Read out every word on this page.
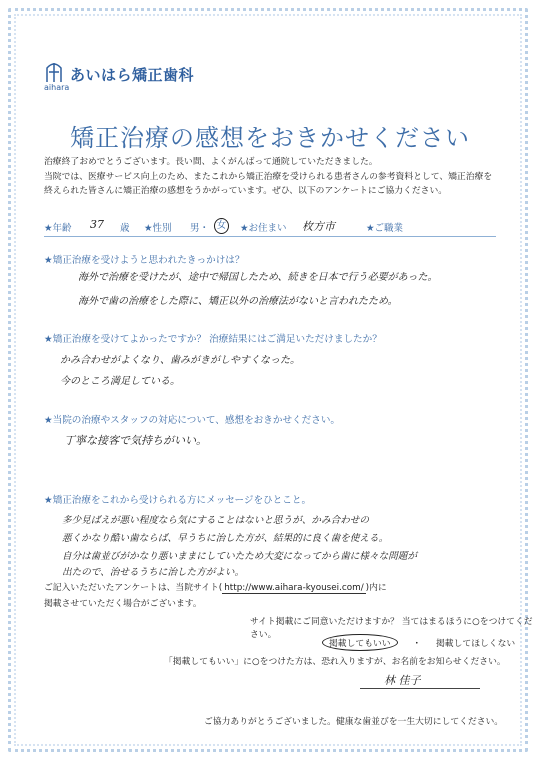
あいはら矯正歯科
aihara
矯正治療の感想をおきかせください
治療終了おめでとうございます。長い間、よくがんばって通院していただきました。
当院では、医療サービス向上のため、またこれから矯正治療を受けられる患者さんの参考資料として、矯正治療を
終えられた皆さんに矯正治療の感想をうかがっています。ぜひ、以下のアンケートにご協力ください。
★年齢 37 歳 ★性別 男・ 女 ★お住まい 枚方市	★ご職業
★矯正治療を受けようと思われたきっかけは？
海外で治療を受けたが、途中で帰国したため、続きを日本で行う必要があった。
海外で歯の治療をした際に、矯正以外の治療法がないと言われたため。
★矯正治療を受けてよかったですか？ 治療結果にはご満足いただけましたか？
かみ合わせがよくなり、歯みがきがしやすくなった。
今のところ満足している。
★当院の治療やスタッフの対応について、感想をおきかせください。
丁寧な接客で気持ちがいい。
★矯正治療をこれから受けられる方にメッセージをひとこと。
多少見ばえが悪い程度なら気にすることはないと思うが、かみ合わせの
悪くかなり酷い歯ならば、早うちに治した方が、結果的に良く歯を使える。
自分は歯並びがかなり悪いままにしていたため大変になってから歯に様々な問題が
出たので、治せるうちに治した方がよい。
ご記入いただいたアンケートは、当院サイト( http://www.aihara-kyousei.com/ )内に
掲載させていただく場合がございます。
サイト掲載にご同意いただけますか？ 当てはまるほうに○をつけてください。
掲載してもいい ・ 掲載してほしくない
「掲載してもいい」に○をつけた方は、恐れ入りますが、お名前をお知らせください。
林 佳子
ご協力ありがとうございました。健康な歯並びを一生大切にしてください。
